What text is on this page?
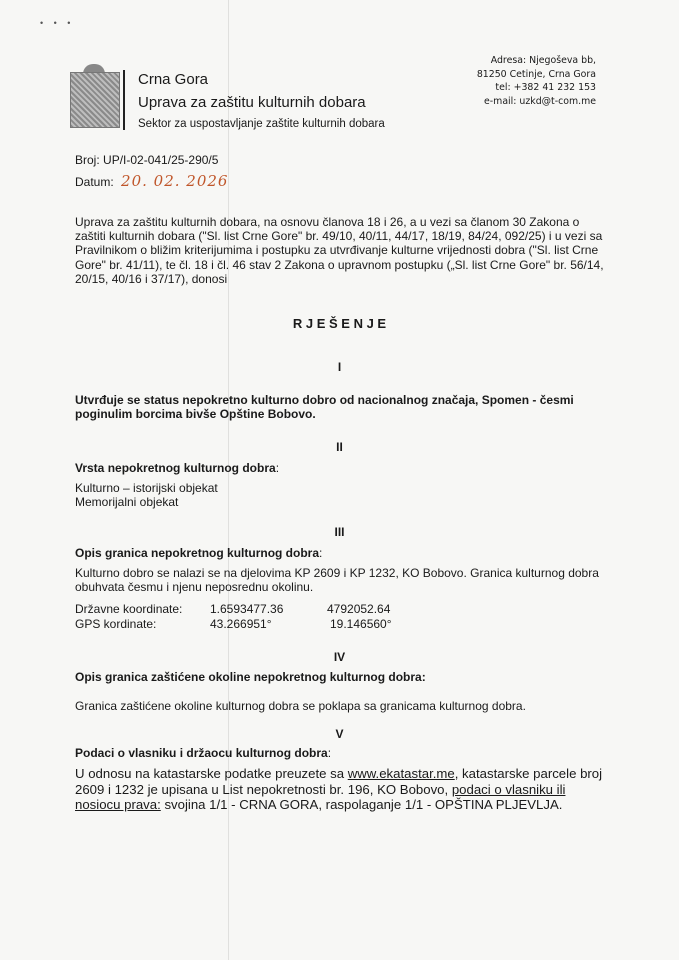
• • •
Crna Gora
Uprava za zaštitu kulturnih dobara
Sektor za uspostavljanje zaštite kulturnih dobara
Adresa: Njegoševa bb,
81250 Cetinje, Crna Gora
tel: +382 41 232 153
e-mail: uzkd@t-com.me
Broj: UP/I-02-041/25-290/5
Datum: 20. 02. 2026

Uprava za zaštitu kulturnih dobara, na osnovu članova 18 i 26, a u vezi sa članom 30 Zakona o zaštiti kulturnih dobara ("Sl. list Crne Gore" br. 49/10, 40/11, 44/17, 18/19, 84/24, 092/25) i u vezi sa Pravilnikom o bližim kriterijumima i postupku za utvrđivanje kulturne vrijednosti dobra ("Sl. list Crne Gore" br. 41/11), te čl. 18 i čl. 46 stav 2 Zakona o upravnom postupku („Sl. list Crne Gore" br. 56/14, 20/15, 40/16 i 37/17), donosi

R J E Š E N J E
I
Utvrđuje se status nepokretno kulturno dobro od nacionalnog značaja, Spomen - česmi poginulim borcima bivše Opštine Bobovo.
II
Vrsta nepokretnog kulturnog dobra:
Kulturno – istorijski objekat
Memorijalni objekat
III
Opis granica nepokretnog kulturnog dobra:
Kulturno dobro se nalazi se na djelovima KP 2609 i KP 1232, KO Bobovo. Granica kulturnog dobra obuhvata česmu i njenu neposrednu okolinu.
Državne koordinate: 1.6593477.36	4792052.64
GPS kordinate:	43.266951°	19.146560°
IV
Opis granica zaštićene okoline nepokretnog kulturnog dobra:
Granica zaštićene okoline kulturnog dobra se poklapa sa granicama kulturnog dobra.
V
Podaci o vlasniku i držaocu kulturnog dobra:
U odnosu na katastarske podatke preuzete sa www.ekatastar.me, katastarske parcele broj 2609 i 1232 je upisana u List nepokretnosti br. 196, KO Bobovo, podaci o vlasniku ili nosiocu prava: svojina 1/1 - CRNA GORA, raspolaganje 1/1 - OPŠTINA PLJEVLJA.
